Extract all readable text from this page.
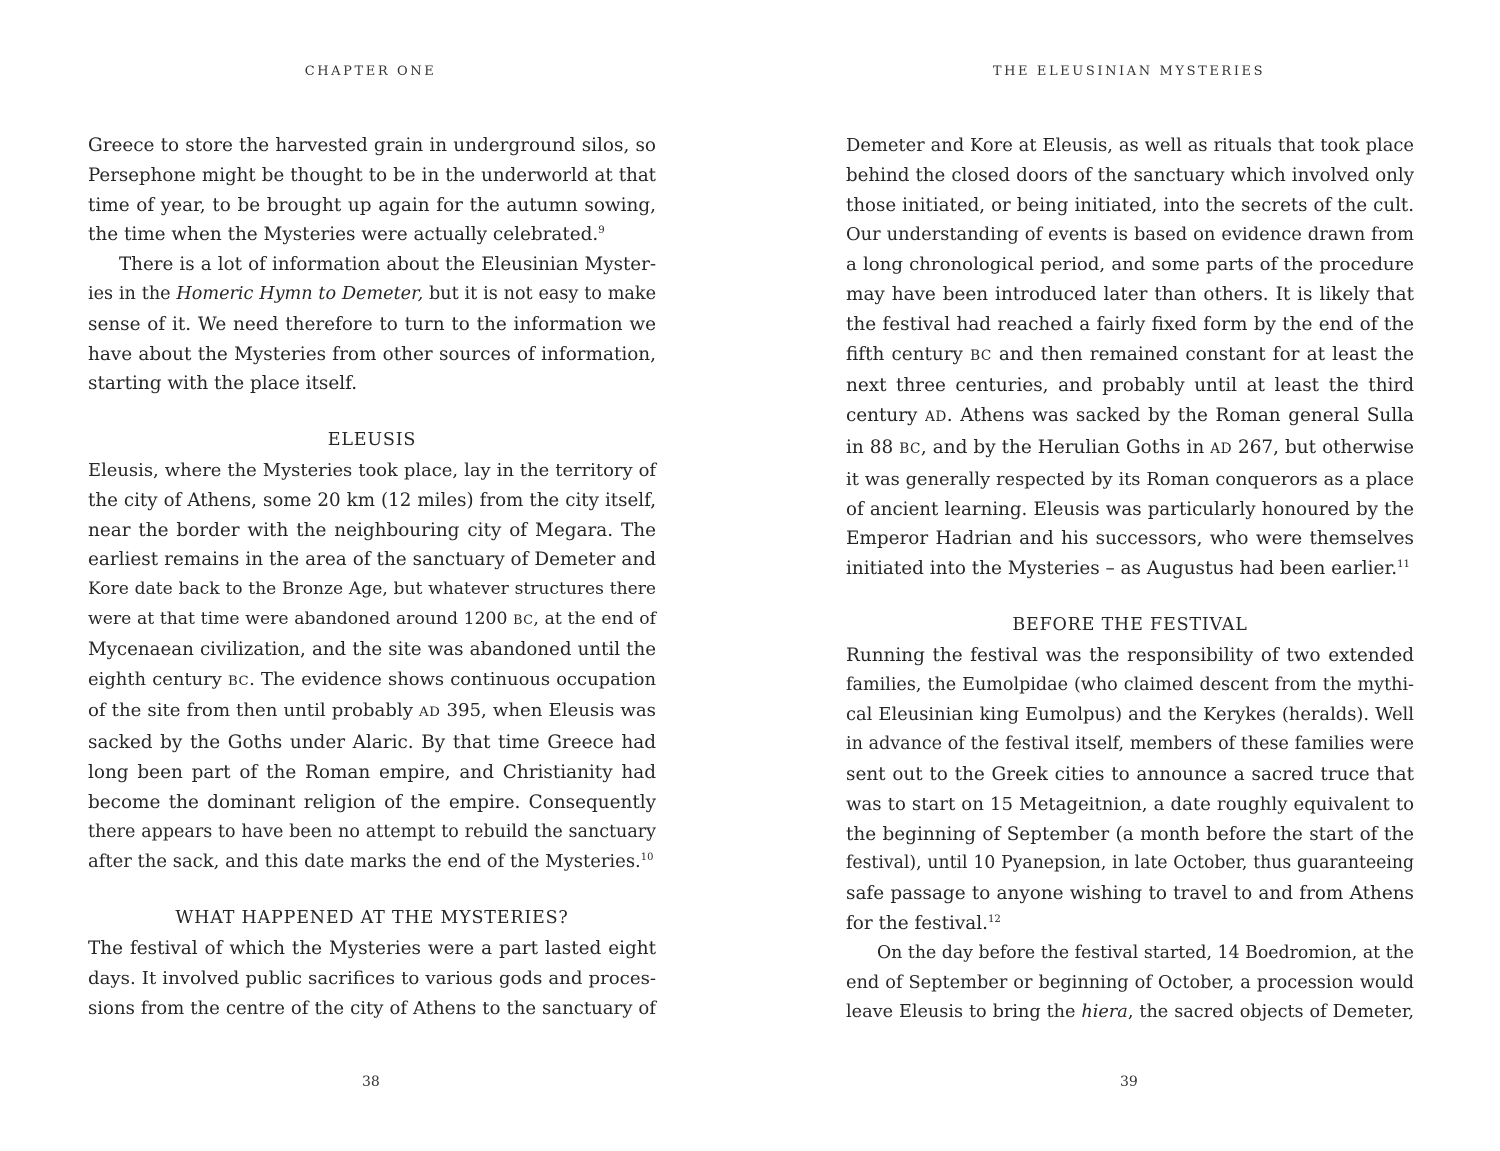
CHAPTER ONE
Greece to store the harvested grain in underground silos, so
Persephone might be thought to be in the underworld at that
time of year, to be brought up again for the autumn sowing,
the time when the Mysteries were actually celebrated.$^9$
There is a lot of information about the Eleusinian Myster-
ies in the Homeric Hymn to Demeter, but it is not easy to make
sense of it. We need therefore to turn to the information we
have about the Mysteries from other sources of information,
starting with the place itself.
ELEUSIS
Eleusis, where the Mysteries took place, lay in the territory of
the city of Athens, some 20 km (12 miles) from the city itself,
near the border with the neighbouring city of Megara. The
earliest remains in the area of the sanctuary of Demeter and
Kore date back to the Bronze Age, but whatever structures there
were at that time were abandoned around 1200 BC, at the end of
Mycenaean civilization, and the site was abandoned until the
eighth century BC. The evidence shows continuous occupation
of the site from then until probably AD 395, when Eleusis was
sacked by the Goths under Alaric. By that time Greece had
long been part of the Roman empire, and Christianity had
become the dominant religion of the empire. Consequently
there appears to have been no attempt to rebuild the sanctuary
after the sack, and this date marks the end of the Mysteries.$^{10}$
WHAT HAPPENED AT THE MYSTERIES?
The festival of which the Mysteries were a part lasted eight
days. It involved public sacrifices to various gods and proces-
sions from the centre of the city of Athens to the sanctuary of
38
THE ELEUSINIAN MYSTERIES
Demeter and Kore at Eleusis, as well as rituals that took place
behind the closed doors of the sanctuary which involved only
those initiated, or being initiated, into the secrets of the cult.
Our understanding of events is based on evidence drawn from
a long chronological period, and some parts of the procedure
may have been introduced later than others. It is likely that
the festival had reached a fairly fixed form by the end of the
fifth century BC and then remained constant for at least the
next three centuries, and probably until at least the third
century AD. Athens was sacked by the Roman general Sulla
in 88 BC, and by the Herulian Goths in AD 267, but otherwise
it was generally respected by its Roman conquerors as a place
of ancient learning. Eleusis was particularly honoured by the
Emperor Hadrian and his successors, who were themselves
initiated into the Mysteries – as Augustus had been earlier.$^{11}$
BEFORE THE FESTIVAL
Running the festival was the responsibility of two extended
families, the Eumolpidae (who claimed descent from the mythi-
cal Eleusinian king Eumolpus) and the Kerykes (heralds). Well
in advance of the festival itself, members of these families were
sent out to the Greek cities to announce a sacred truce that
was to start on 15 Metageitnion, a date roughly equivalent to
the beginning of September (a month before the start of the
festival), until 10 Pyanepsion, in late October, thus guaranteeing
safe passage to anyone wishing to travel to and from Athens
for the festival.$^{12}$
On the day before the festival started, 14 Boedromion, at the
end of September or beginning of October, a procession would
leave Eleusis to bring the hiera, the sacred objects of Demeter,
39
